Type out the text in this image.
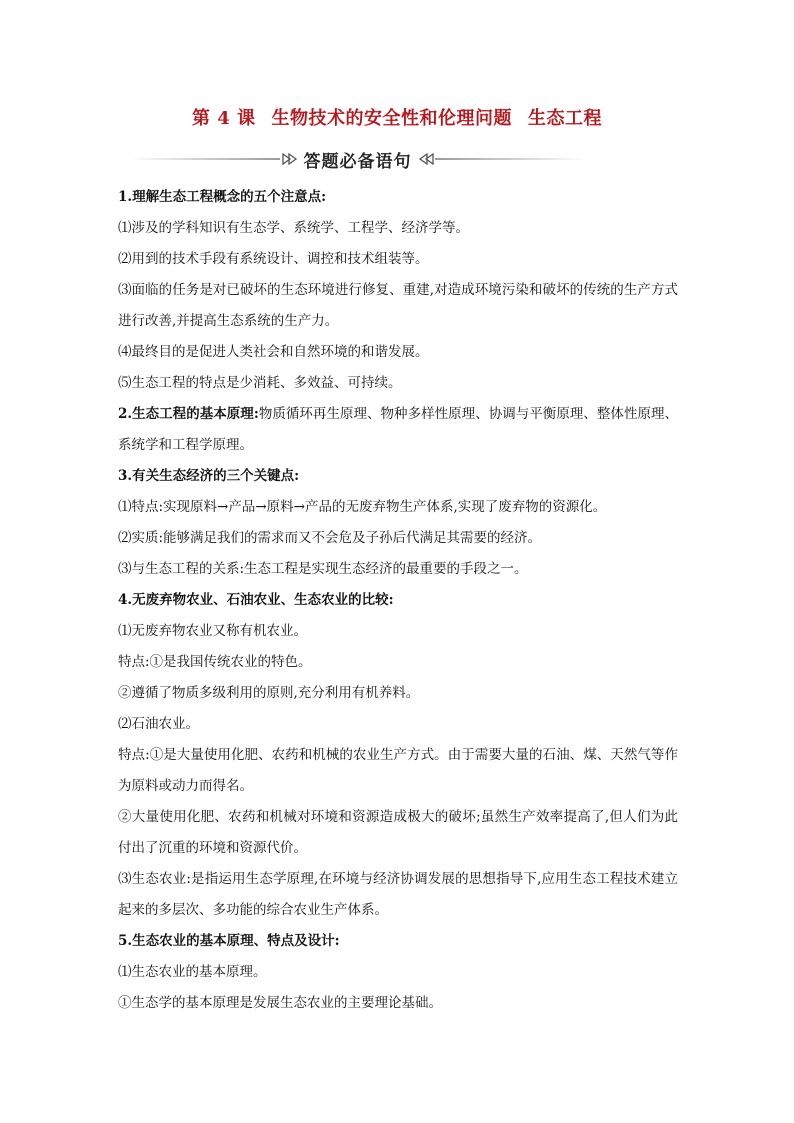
第 4 课 生物技术的安全性和伦理问题 生态工程
答题必备语句

1.理解生态工程概念的五个注意点:

⑴涉及的学科知识有生态学、系统学、工程学、经济学等。

⑵用到的技术手段有系统设计、调控和技术组装等。

⑶面临的任务是对已破坏的生态环境进行修复、重建,对造成环境污染和破坏的传统的生产方式进行改善,并提高生态系统的生产力。

⑷最终目的是促进人类社会和自然环境的和谐发展。

⑸生态工程的特点是少消耗、多效益、可持续。

2.生态工程的基本原理:物质循环再生原理、物种多样性原理、协调与平衡原理、整体性原理、系统学和工程学原理。

3.有关生态经济的三个关键点:

⑴特点:实现原料→产品→原料→产品的无废弃物生产体系,实现了废弃物的资源化。

⑵实质:能够满足我们的需求而又不会危及子孙后代满足其需要的经济。

⑶与生态工程的关系:生态工程是实现生态经济的最重要的手段之一。

4.无废弃物农业、石油农业、生态农业的比较:

⑴无废弃物农业又称有机农业。

特点:①是我国传统农业的特色。

②遵循了物质多级利用的原则,充分利用有机养料。

⑵石油农业。

特点:①是大量使用化肥、农药和机械的农业生产方式。由于需要大量的石油、煤、天然气等作为原料或动力而得名。

②大量使用化肥、农药和机械对环境和资源造成极大的破坏;虽然生产效率提高了,但人们为此付出了沉重的环境和资源代价。

⑶生态农业:是指运用生态学原理,在环境与经济协调发展的思想指导下,应用生态工程技术建立起来的多层次、多功能的综合农业生产体系。

5.生态农业的基本原理、特点及设计:

⑴生态农业的基本原理。

①生态学的基本原理是发展生态农业的主要理论基础。
